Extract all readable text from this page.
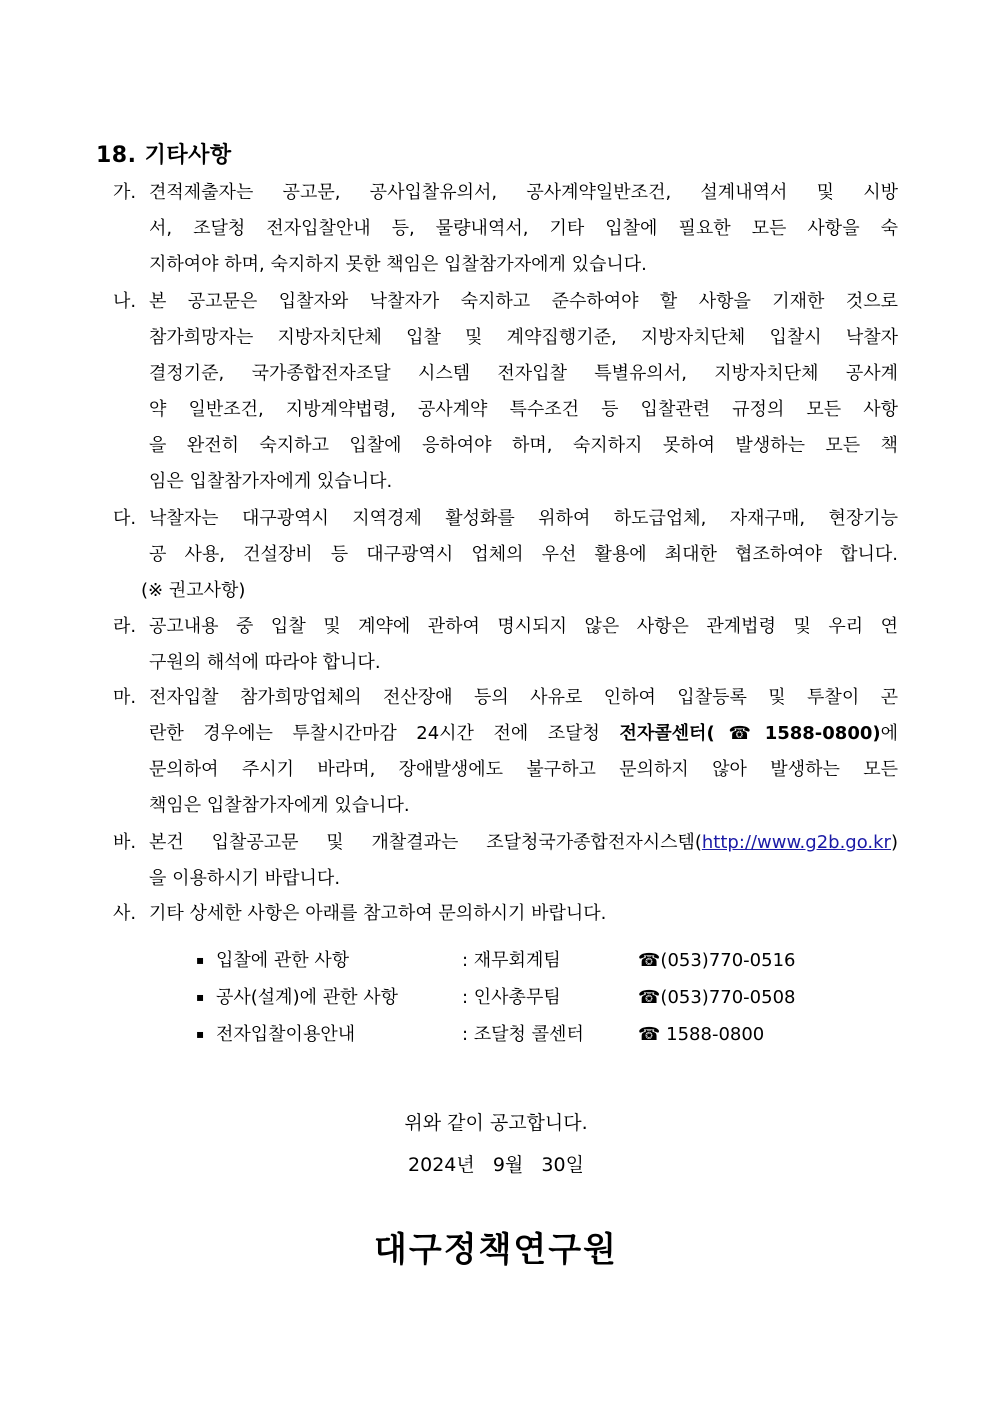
18. 기타사항
가. 견적제출자는 공고문, 공사입찰유의서, 공사계약일반조건, 설계내역서 및 시방
서, 조달청 전자입찰안내 등, 물량내역서, 기타 입찰에 필요한 모든 사항을 숙
지하여야 하며, 숙지하지 못한 책임은 입찰참가자에게 있습니다.
나. 본 공고문은 입찰자와 낙찰자가 숙지하고 준수하여야 할 사항을 기재한 것으로
참가희망자는 지방자치단체 입찰 및 계약집행기준, 지방자치단체 입찰시 낙찰자
결정기준, 국가종합전자조달 시스템 전자입찰 특별유의서, 지방자치단체 공사계
약 일반조건, 지방계약법령, 공사계약 특수조건 등 입찰관련 규정의 모든 사항
을 완전히 숙지하고 입찰에 응하여야 하며, 숙지하지 못하여 발생하는 모든 책
임은 입찰참가자에게 있습니다.
다. 낙찰자는 대구광역시 지역경제 활성화를 위하여 하도급업체, 자재구매, 현장기능
공 사용, 건설장비 등 대구광역시 업체의 우선 활용에 최대한 협조하여야 합니다.
(※ 권고사항)
라. 공고내용 중 입찰 및 계약에 관하여 명시되지 않은 사항은 관계법령 및 우리 연
구원의 해석에 따라야 합니다.
마. 전자입찰 참가희망업체의 전산장애 등의 사유로 인하여 입찰등록 및 투찰이 곤
란한 경우에는 투찰시간마감 24시간 전에 조달청 전자콜센터(☎1588-0800)에
문의하여 주시기 바라며, 장애발생에도 불구하고 문의하지 않아 발생하는 모든
책임은 입찰참가자에게 있습니다.
바. 본건 입찰공고문 및 개찰결과는 조달청국가종합전자시스템(http://www.g2b.go.kr)
을 이용하시기 바랍니다.
사. 기타 상세한 사항은 아래를 참고하여 문의하시기 바랍니다.
▪ 입찰에 관한 사항	: 재무회계팀	☎(053)770-0516
▪ 공사(설계)에 관한 사항	: 인사총무팀	☎(053)770-0508
▪ 전자입찰이용안내	: 조달청 콜센터	☎ 1588-0800
위와 같이 공고합니다.
2024년   9월   30일
대구정책연구원
